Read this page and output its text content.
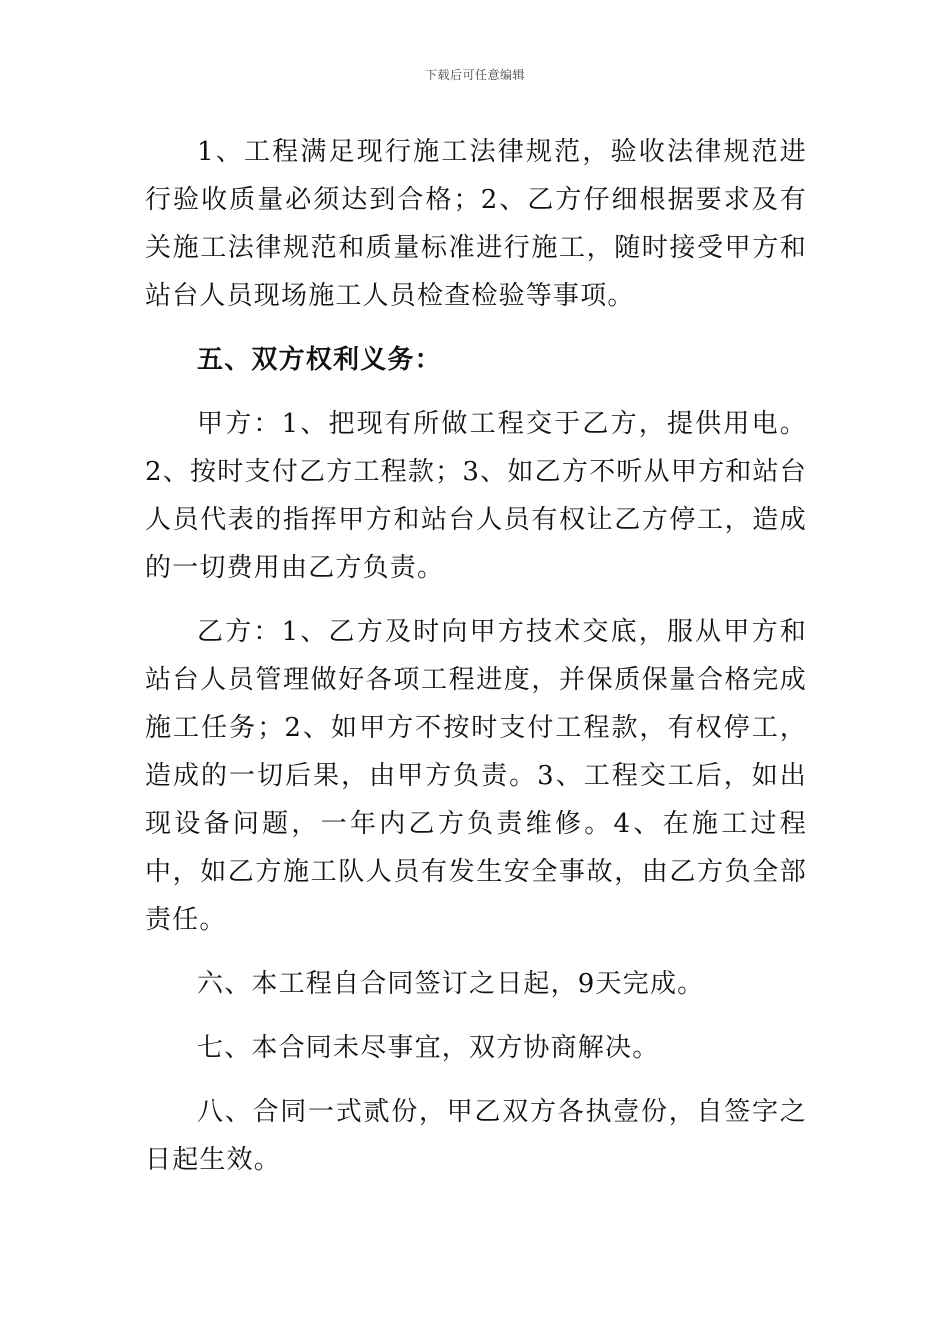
下载后可任意编辑

1、工程满足现行施工法律规范，验收法律规范进行验收质量必须达到合格；2、乙方仔细根据要求及有关施工法律规范和质量标准进行施工，随时接受甲方和站台人员现场施工人员检查检验等事项。

五、双方权利义务：

甲方：1、把现有所做工程交于乙方，提供用电。2、按时支付乙方工程款；3、如乙方不听从甲方和站台人员代表的指挥甲方和站台人员有权让乙方停工，造成的一切费用由乙方负责。

乙方：1、乙方及时向甲方技术交底，服从甲方和站台人员管理做好各项工程进度，并保质保量合格完成施工任务；2、如甲方不按时支付工程款，有权停工，造成的一切后果，由甲方负责。3、工程交工后，如出现设备问题，一年内乙方负责维修。4、在施工过程中，如乙方施工队人员有发生安全事故，由乙方负全部责任。

六、本工程自合同签订之日起，9天完成。

七、本合同未尽事宜，双方协商解决。

八、合同一式贰份，甲乙双方各执壹份，自签字之日起生效。
